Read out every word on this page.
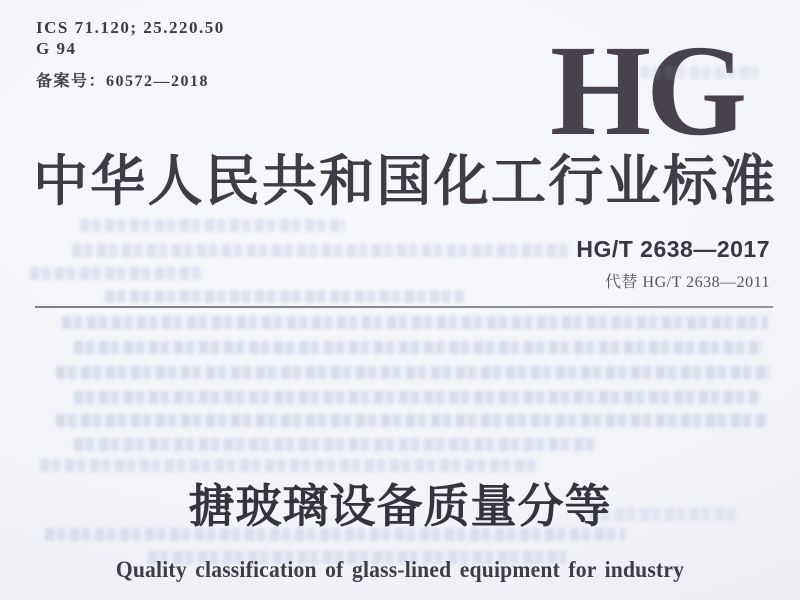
ICS 71.120; 25.220.50
G 94
备案号：60572—2018	HG
中华人民共和国化工行业标准
HG/T 2638—2017
代替 HG/T 2638—2011
搪玻璃设备质量分等
Quality classification of glass-lined equipment for industry
